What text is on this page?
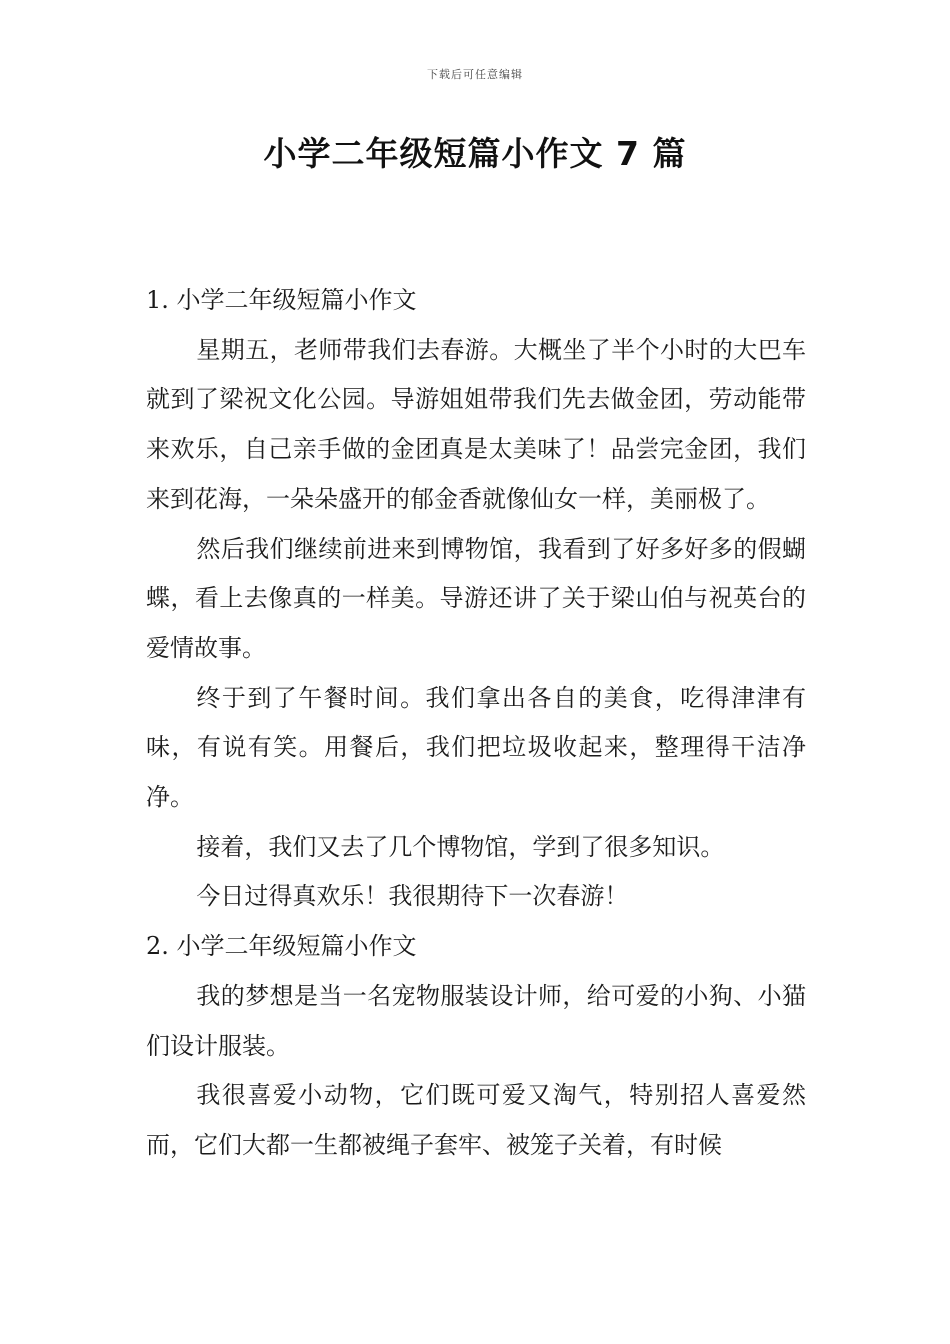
下载后可任意编辑
小学二年级短篇小作文 7 篇

1. 小学二年级短篇小作文

星期五，老师带我们去春游。大概坐了半个小时的大巴车就到了梁祝文化公园。导游姐姐带我们先去做金团，劳动能带来欢乐，自己亲手做的金团真是太美味了！品尝完金团，我们来到花海，一朵朵盛开的郁金香就像仙女一样，美丽极了。

然后我们继续前进来到博物馆，我看到了好多好多的假蝴蝶，看上去像真的一样美。导游还讲了关于梁山伯与祝英台的爱情故事。

终于到了午餐时间。我们拿出各自的美食，吃得津津有味，有说有笑。用餐后，我们把垃圾收起来，整理得干洁净净。

接着，我们又去了几个博物馆，学到了很多知识。

今日过得真欢乐！我很期待下一次春游！

2. 小学二年级短篇小作文

我的梦想是当一名宠物服装设计师，给可爱的小狗、小猫们设计服装。

我很喜爱小动物，它们既可爱又淘气，特别招人喜爱然而，它们大都一生都被绳子套牢、被笼子关着，有时候
